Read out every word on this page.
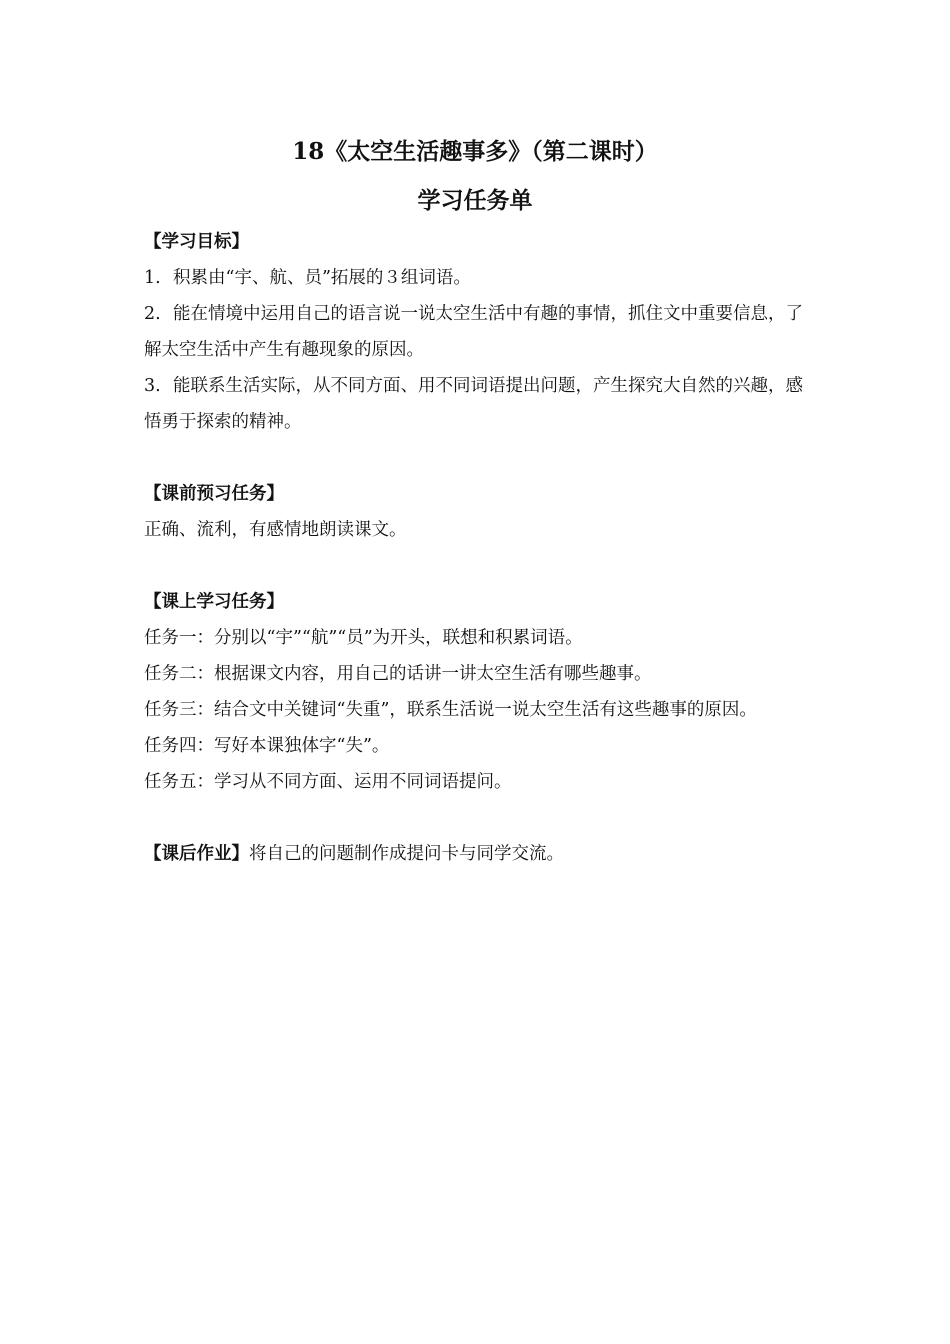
18《太空生活趣事多》（第二课时）
学习任务单
【学习目标】
1. 积累由“宇、航、员”拓展的３组词语。
2. 能在情境中运用自己的语言说一说太空生活中有趣的事情，抓住文中重要信息，了解太空生活中产生有趣现象的原因。
3. 能联系生活实际，从不同方面、用不同词语提出问题，产生探究大自然的兴趣，感悟勇于探索的精神。
【课前预习任务】
正确、流利，有感情地朗读课文。
【课上学习任务】
任务一：分别以“宇”“航”“员”为开头，联想和积累词语。
任务二：根据课文内容，用自己的话讲一讲太空生活有哪些趣事。
任务三：结合文中关键词“失重”，联系生活说一说太空生活有这些趣事的原因。
任务四：写好本课独体字“失”。
任务五：学习从不同方面、运用不同词语提问。
【课后作业】将自己的问题制作成提问卡与同学交流。
